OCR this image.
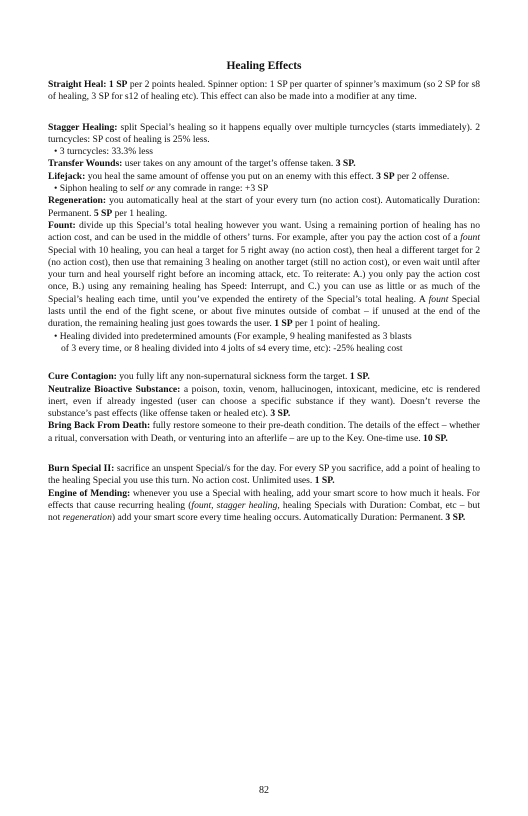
Healing Effects

Straight Heal: 1 SP per 2 points healed. Spinner option: 1 SP per quarter of spinner’s maximum (so 2 SP for s8 of healing, 3 SP for s12 of healing etc). This effect can also be made into a modifier at any time.

Stagger Healing: split Special’s healing so it happens equally over multiple turncycles (starts immediately). 2 turncycles: SP cost of healing is 25% less.

• 3 turncycles: 33.3% less

Transfer Wounds: user takes on any amount of the target’s offense taken. 3 SP.

Lifejack: you heal the same amount of offense you put on an enemy with this effect. 3 SP per 2 offense.

• Siphon healing to self or any comrade in range: +3 SP

Regeneration: you automatically heal at the start of your every turn (no action cost). Automatically Duration: Permanent. 5 SP per 1 healing.

Fount: divide up this Special’s total healing however you want. Using a remaining portion of healing has no action cost, and can be used in the middle of others’ turns. For example, after you pay the action cost of a fount Special with 10 healing, you can heal a target for 5 right away (no action cost), then heal a different target for 2 (no action cost), then use that remaining 3 healing on another target (still no action cost), or even wait until after your turn and heal yourself right before an incoming attack, etc. To reiterate: A.) you only pay the action cost once, B.) using any remaining healing has Speed: Interrupt, and C.) you can use as little or as much of the Special’s healing each time, until you’ve expended the entirety of the Special’s total healing. A fount Special lasts until the end of the fight scene, or about five minutes outside of combat – if unused at the end of the duration, the remaining healing just goes towards the user. 1 SP per 1 point of healing.

• Healing divided into predetermined amounts (For example, 9 healing manifested as 3 blasts
of 3 every time, or 8 healing divided into 4 jolts of s4 every time, etc): -25% healing cost

Cure Contagion: you fully lift any non-supernatural sickness form the target. 1 SP.

Neutralize Bioactive Substance: a poison, toxin, venom, hallucinogen, intoxicant, medicine, etc is rendered inert, even if already ingested (user can choose a specific substance if they want). Doesn’t reverse the substance’s past effects (like offense taken or healed etc). 3 SP.

Bring Back From Death: fully restore someone to their pre-death condition. The details of the effect – whether a ritual, conversation with Death, or venturing into an afterlife – are up to the Key. One-time use. 10 SP.

Burn Special II: sacrifice an unspent Special/s for the day. For every SP you sacrifice, add a point of healing to the healing Special you use this turn. No action cost. Unlimited uses. 1 SP.

Engine of Mending: whenever you use a Special with healing, add your smart score to how much it heals. For effects that cause recurring healing (fount, stagger healing, healing Specials with Duration: Combat, etc – but not regeneration) add your smart score every time healing occurs. Automatically Duration: Permanent. 3 SP.

82
